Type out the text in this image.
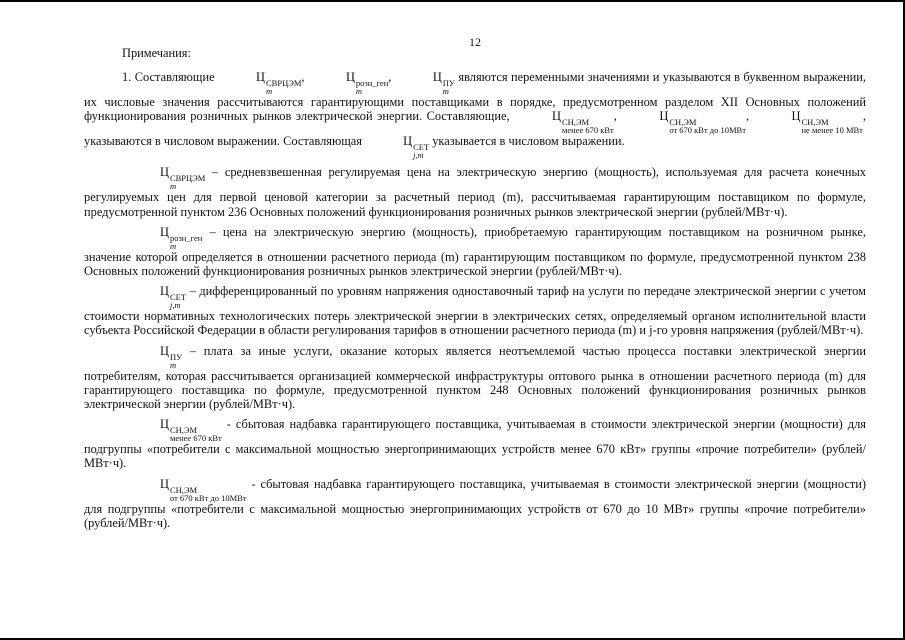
12
Примечания:

1. Составляющие	Ц СВРЦЭМ
m
,	Ц розн_ген
m
,	Ц ПУ
m
являются переменными значениями и указываются в буквенном выражении, их числовые значения рассчитываются гарантирующими поставщиками в порядке, предусмотренном разделом XII Основных положений функционирования розничных рынков электрической энергии. Составляющие,	Ц СН,ЭМ
менее 670 кВт
,	Ц СН,ЭМ
от 670 кВт до 10МВт
,	Ц СН,ЭМ
не менее 10 МВт
, указываются в числовом выражении. Составляющая	Ц СЕТ
j,m
указывается в числовом выражении.

Ц СВРЦЭМ
m
– средневзвешенная регулируемая цена на электрическую энергию (мощность), используемая для расчета конечных регулируемых цен для первой ценовой категории за расчетный период (m), рассчитываемая гарантирующим поставщиком по формуле, предусмотренной пунктом 236 Основных положений функционирования розничных рынков электрической энергии (рублей/МВт·ч).

Ц розн_ген
m
– цена на электрическую энергию (мощность), приобретаемую гарантирующим поставщиком на розничном рынке, значение которой определяется в отношении расчетного периода (m) гарантирующим поставщиком по формуле, предусмотренной пунктом 238 Основных положений функционирования розничных рынков электрической энергии (рублей/МВт·ч).

Ц СЕТ
j,m
– дифференцированный по уровням напряжения одноставочный тариф на услуги по передаче электрической энергии с учетом стоимости нормативных технологических потерь электрической энергии в электрических сетях, определяемый органом исполнительной власти субъекта Российской Федерации в области регулирования тарифов в отношении расчетного периода (m) и j-го уровня напряжения (рублей/МВт·ч).

Ц ПУ
m
– плата за иные услуги, оказание которых является неотъемлемой частью процесса поставки электрической энергии потребителям, которая рассчитывается организацией коммерческой инфраструктуры оптового рынка в отношении расчетного периода (m) для гарантирующего поставщика по формуле, предусмотренной пунктом 248 Основных положений функционирования розничных рынков электрической энергии (рублей/МВт·ч).

Ц СН,ЭМ
менее 670 кВт
- сбытовая надбавка гарантирующего поставщика, учитываемая в стоимости электрической энергии (мощности) для подгруппы «потребители с максимальной мощностью энергопринимающих устройств менее 670 кВт» группы «прочие потребители» (рублей/МВт·ч).

Ц СН,ЭМ
от 670 кВт до 10МВт
- сбытовая надбавка гарантирующего поставщика, учитываемая в стоимости электрической энергии (мощности) для подгруппы «потребители с максимальной мощностью энергопринимающих устройств от 670 до 10 МВт» группы «прочие потребители» (рублей/МВт·ч).
